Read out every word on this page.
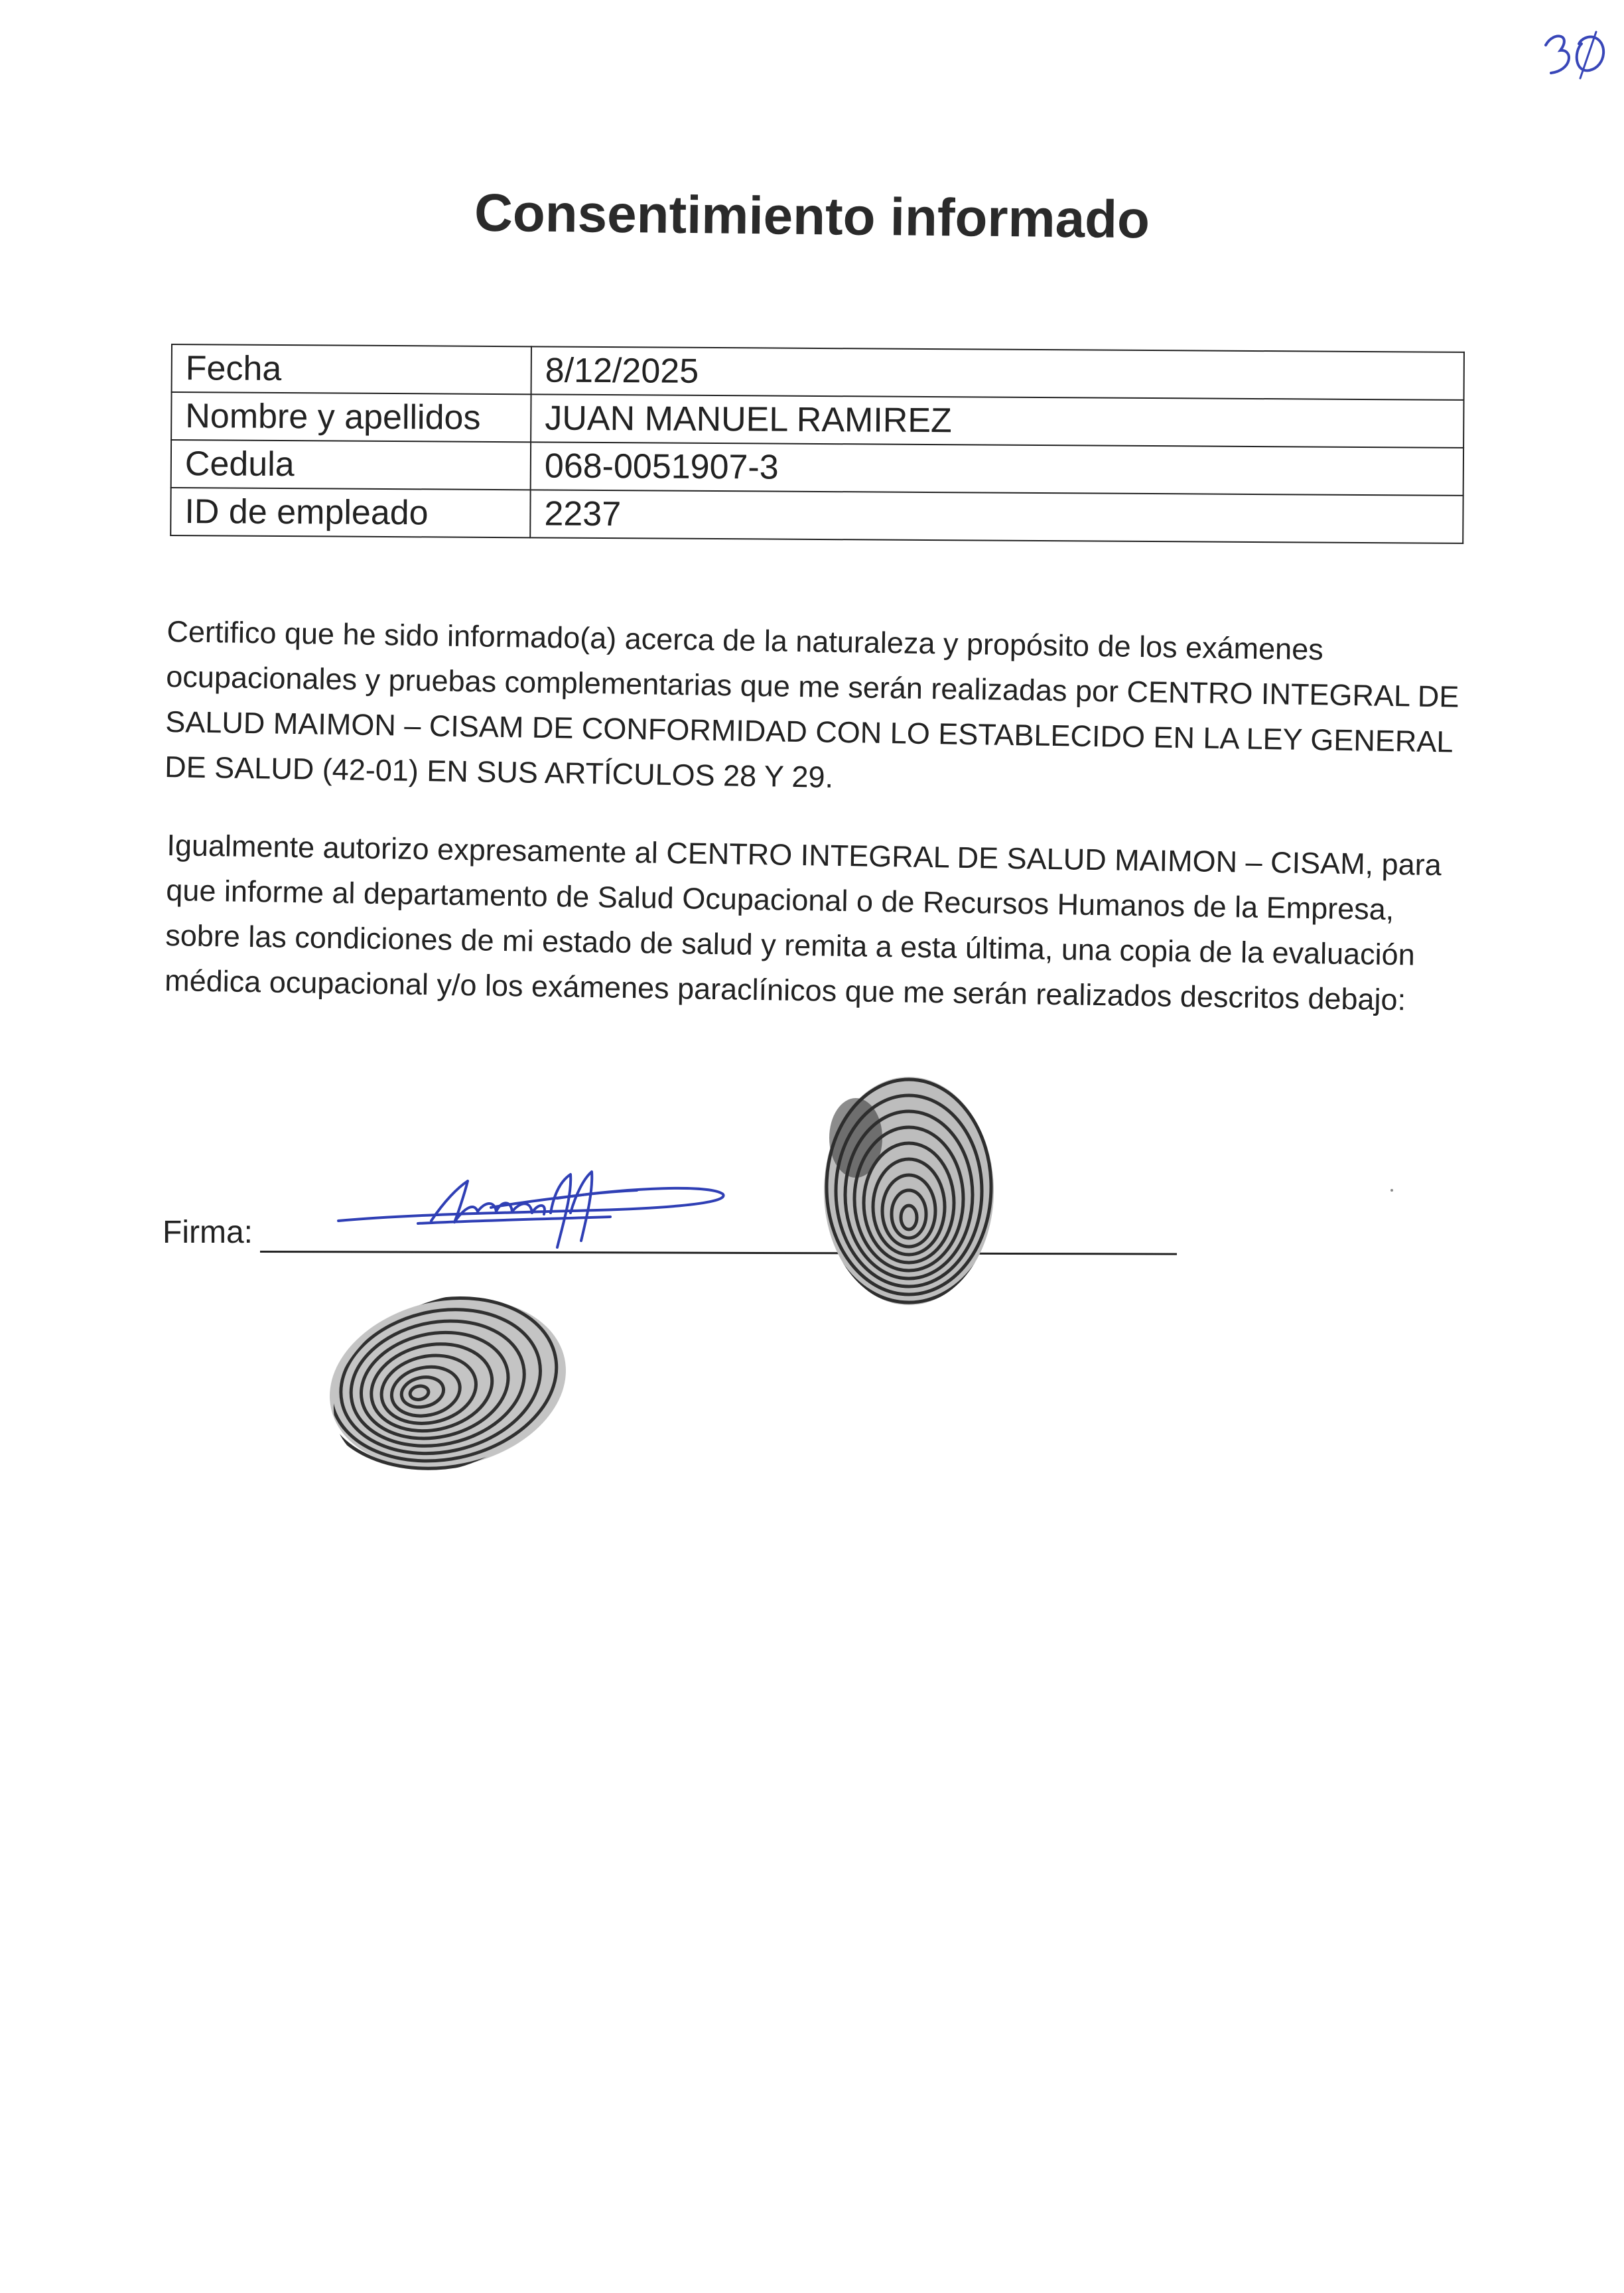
Consentimiento informado
Fecha	8/12/2025
Nombre y apellidos	JUAN MANUEL RAMIREZ
Cedula	068-0051907-3
ID de empleado	2237

Certifico que he sido informado(a) acerca de la naturaleza y propósito de los exámenes ocupacionales y pruebas complementarias que me serán realizadas por CENTRO INTEGRAL DE SALUD MAIMON – CISAM DE CONFORMIDAD CON LO ESTABLECIDO EN LA LEY GENERAL DE SALUD (42-01) EN SUS ARTÍCULOS 28 Y 29.

Igualmente autorizo expresamente al CENTRO INTEGRAL DE SALUD MAIMON – CISAM, para que informe al departamento de Salud Ocupacional o de Recursos Humanos de la Empresa, sobre las condiciones de mi estado de salud y remita a esta última, una copia de la evaluación médica ocupacional y/o los exámenes paraclínicos que me serán realizados descritos debajo:

Firma:
